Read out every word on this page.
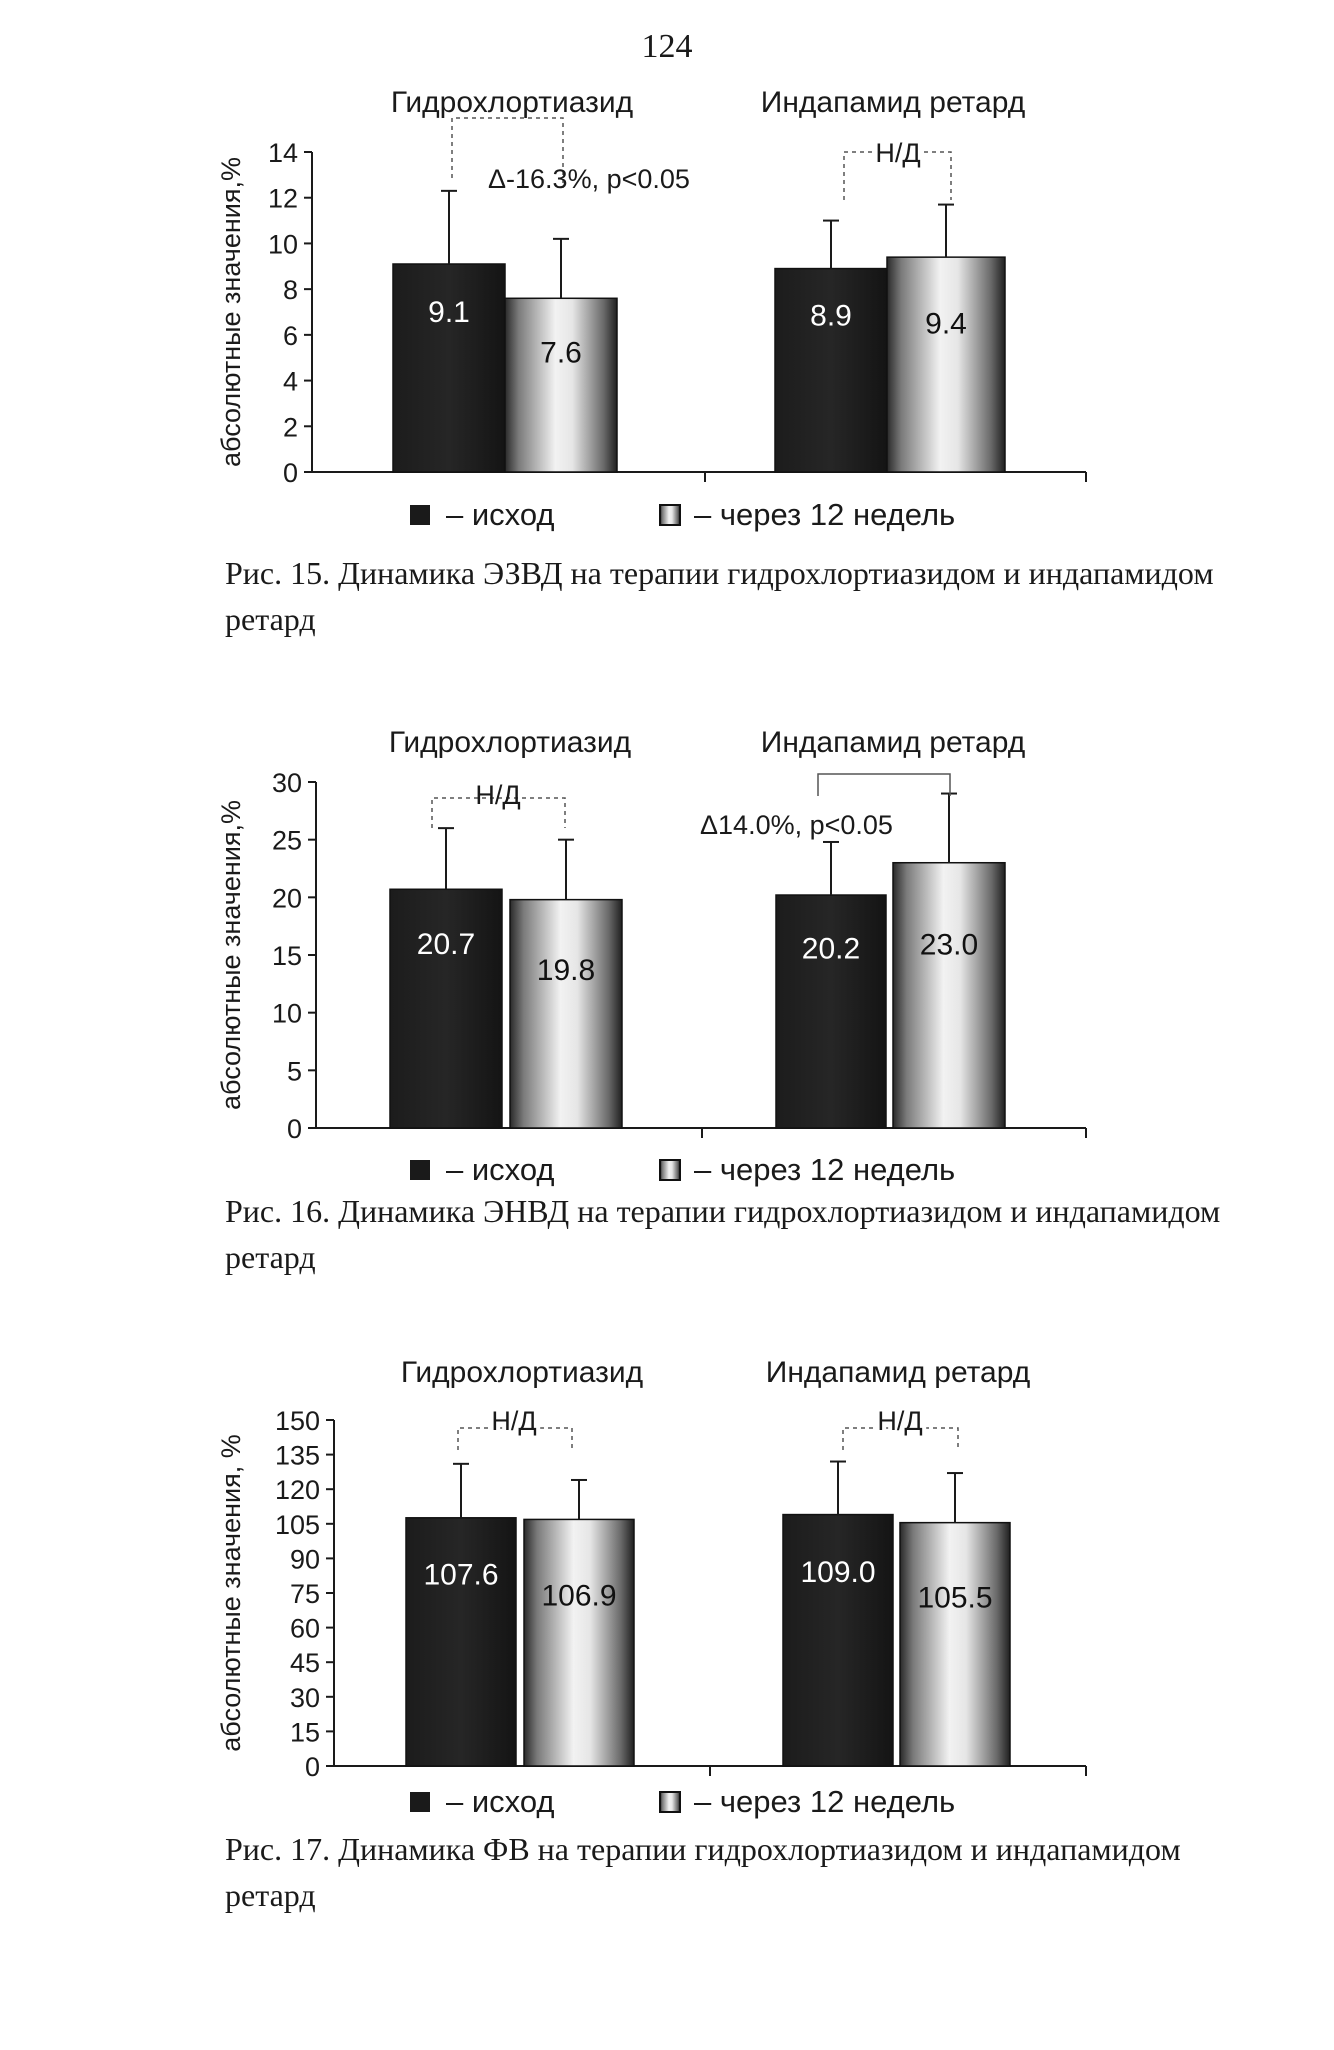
124
Гидрохлортиазид	Индапамид ретард
0
2
4
6
8
10
12
14
абсолютные значения,%	9.1
7.6
8.9 9.4
Δ-16.3%, p<0.05
Н/Д
– исход	– через 12 недель
Рис. 15. Динамика ЭЗВД на терапии гидрохлортиазидом и индапамидом ретард
Гидрохлортиазид	Индапамид ретард
0
5
10
15
20
25
30
абсолютные значения,%	20.7
19.8
20.2 23.0
Н/Д
Δ14.0%, p<0.05
– исход	– через 12 недель
Рис. 16. Динамика ЭНВД на терапии гидрохлортиазидом и индапамидом ретард
Гидрохлортиазид	Индапамид ретард
0
15
30
45
60
75
90
105
120
135
150
абсолютные значения, %	107.6
106.9
109.0
105.5
Н/Д	Н/Д
– исход	– через 12 недель
Рис. 17. Динамика ФВ на терапии гидрохлортиазидом и индапамидом ретард
